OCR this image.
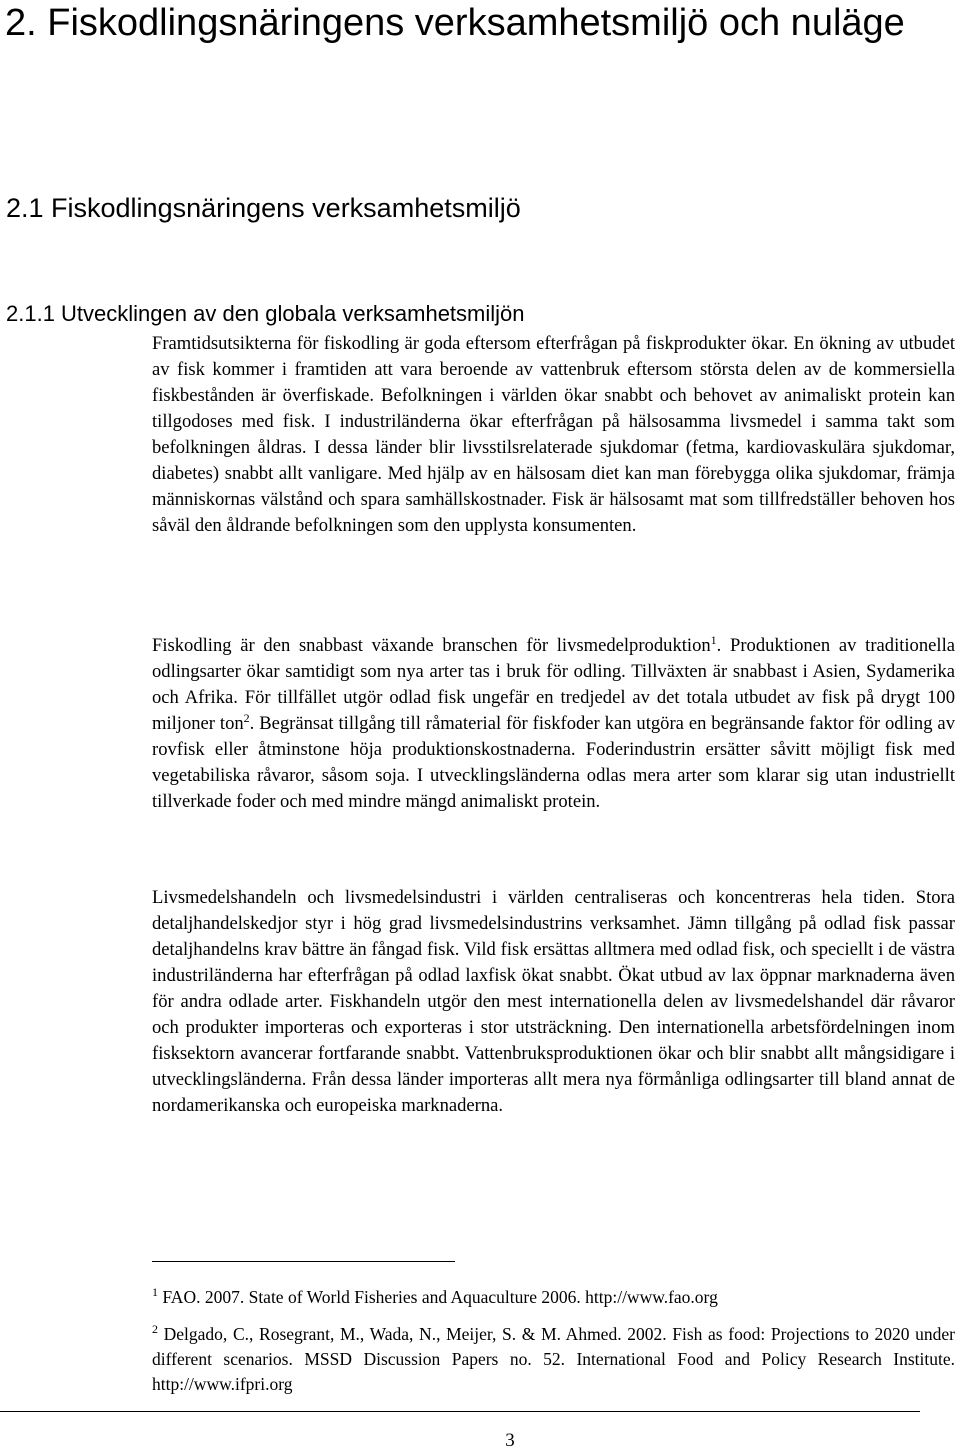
2. Fiskodlingsnäringens verksamhetsmiljö och nuläge
2.1 Fiskodlingsnäringens verksamhetsmiljö
2.1.1 Utvecklingen av den globala verksamhetsmiljön

Framtidsutsikterna för fiskodling är goda eftersom efterfrågan på fiskprodukter ökar. En ökning av utbudet av fisk kommer i framtiden att vara beroende av vattenbruk eftersom största delen av de kommersiella fiskbestånden är överfiskade. Befolkningen i världen ökar snabbt och behovet av animaliskt protein kan tillgodoses med fisk. I industriländerna ökar efterfrågan på hälsosamma livsmedel i samma takt som befolkningen åldras. I dessa länder blir livsstilsrelaterade sjukdomar (fetma, kardiovaskulära sjukdomar, diabetes) snabbt allt vanligare. Med hjälp av en hälsosam diet kan man förebygga olika sjukdomar, främja människornas välstånd och spara samhällskostnader. Fisk är hälsosamt mat som tillfredställer behoven hos såväl den åldrande befolkningen som den upplysta konsumenten.

Fiskodling är den snabbast växande branschen för livsmedelproduktion$^1$. Produktionen av traditionella odlingsarter ökar samtidigt som nya arter tas i bruk för odling. Tillväxten är snabbast i Asien, Sydamerika och Afrika. För tillfället utgör odlad fisk ungefär en tredjedel av det totala utbudet av fisk på drygt 100 miljoner ton$^2$. Begränsat tillgång till råmaterial för fiskfoder kan utgöra en begränsande faktor för odling av rovfisk eller åtminstone höja produktionskostnaderna. Foderindustrin ersätter såvitt möjligt fisk med vegetabiliska råvaror, såsom soja. I utvecklingsländerna odlas mera arter som klarar sig utan industriellt tillverkade foder och med mindre mängd animaliskt protein.

Livsmedelshandeln och livsmedelsindustri i världen centraliseras och koncentreras hela tiden. Stora detaljhandelskedjor styr i hög grad livsmedelsindustrins verksamhet. Jämn tillgång på odlad fisk passar detaljhandelns krav bättre än fångad fisk. Vild fisk ersättas alltmera med odlad fisk, och speciellt i de västra industriländerna har efterfrågan på odlad laxfisk ökat snabbt. Ökat utbud av lax öppnar marknaderna även för andra odlade arter. Fiskhandeln utgör den mest internationella delen av livsmedelshandel där råvaror och produkter importeras och exporteras i stor utsträckning. Den internationella arbetsfördelningen inom fisksektorn avancerar fortfarande snabbt. Vattenbruksproduktionen ökar och blir snabbt allt mångsidigare i utvecklingsländerna. Från dessa länder importeras allt mera nya förmånliga odlingsarter till bland annat de nordamerikanska och europeiska marknaderna.

$^1$ FAO. 2007. State of World Fisheries and Aquaculture 2006. http://www.fao.org

$^2$ Delgado, C., Rosegrant, M., Wada, N., Meijer, S. & M. Ahmed. 2002. Fish as food: Projections to 2020 under different scenarios. MSSD Discussion Papers no. 52. International Food and Policy Research Institute. http://www.ifpri.org

3
